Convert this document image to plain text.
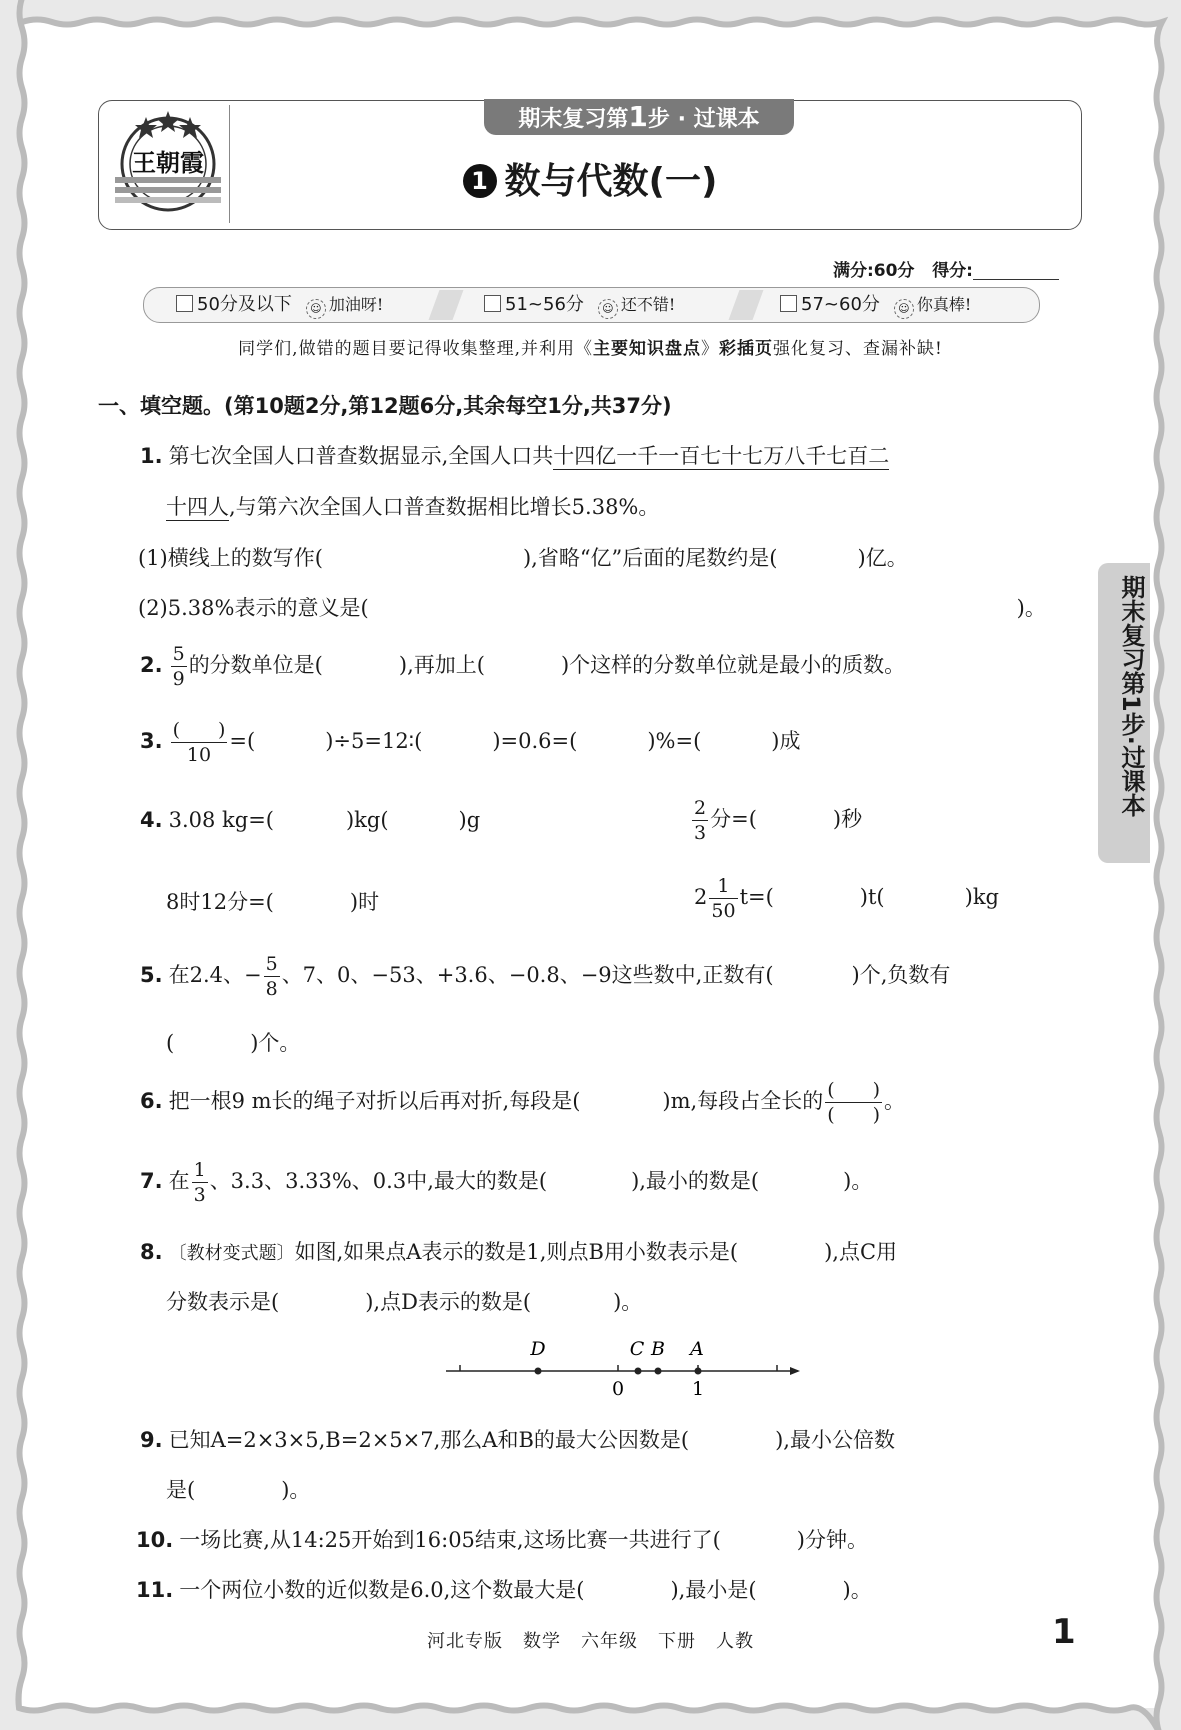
王朝霞
期末复习第1步 · 过课本
1 数与代数(一)
满分:60分 得分:
50分及以下 ☺ 加油呀!	51~56分 ☺ 还不错!	57~60分 ☺ 你真棒!
同学们,做错的题目要记得收集整理,并利用《主要知识盘点》彩插页强化复习、查漏补缺!
期末复习第1步·过课本
一、填空题。(第10题2分,第12题6分,其余每空1分,共37分)
1. 第七次全国人口普查数据显示,全国人口共十四亿一千一百七十七万八千七百二
十四人,与第六次全国人口普查数据相比增长5.38%。
(1)横线上的数写作(	),省略“亿”后面的尾数约是(	)亿。
(2)5.38%表示的意义是(	)。
2. $\frac{5}{9}$ 的分数单位是(	),再加上(	)个这样的分数单位就是最小的质数。
3. $\frac{( )}{10}$ =(	)÷5=12∶(	)=0.6=(	)%=(	)成
4. 3.08 kg=(	)kg(	)g	$\frac{2}{3}$ 分=(	)秒
8时12分=(	)时	$2 \frac{1}{50} t=$(	)t(	)kg
5. 在2.4、− $\frac{5}{8}$ 、7、0、−53、+3.6、−0.8、−9这些数中,正数有(	)个,负数有
(	)个。
6. 把一根9 m长的绳子对折以后再对折,每段是(	)m,每段占全长的 $\frac{( )}{( )}$ 。
7. 在 $\frac{1}{3}$ 、3.3、3.33%、0.3中,最大的数是(	),最小的数是(	)。
8. 〔教材变式题〕如图,如果点A表示的数是1,则点B用小数表示是(	),点C用
分数表示是(	),点D表示的数是(	)。
D	C B A
0	1
9. 已知A=2×3×5,B=2×5×7,那么A和B的最大公因数是(	),最小公倍数
是(	)。
10. 一场比赛,从14:25开始到16:05结束,这场比赛一共进行了(	)分钟。
11. 一个两位小数的近似数是6.0,这个数最大是(	),最小是(	)。
河北专版 数学 六年级 下册 人教	1
